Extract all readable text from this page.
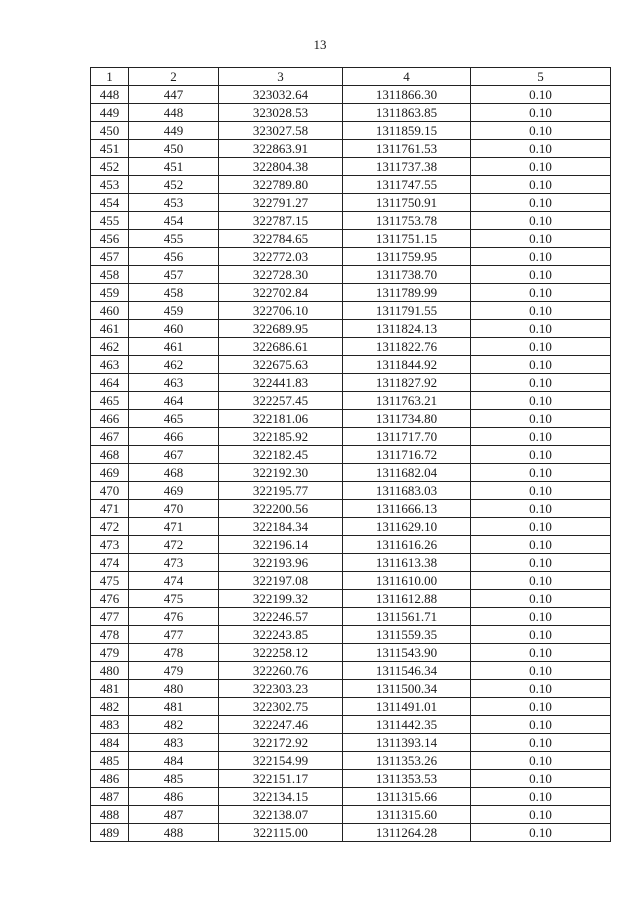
13
1	2	3	4	5
448	447	323032.64	1311866.30	0.10
449	448	323028.53	1311863.85	0.10
450	449	323027.58	1311859.15	0.10
451	450	322863.91	1311761.53	0.10
452	451	322804.38	1311737.38	0.10
453	452	322789.80	1311747.55	0.10
454	453	322791.27	1311750.91	0.10
455	454	322787.15	1311753.78	0.10
456	455	322784.65	1311751.15	0.10
457	456	322772.03	1311759.95	0.10
458	457	322728.30	1311738.70	0.10
459	458	322702.84	1311789.99	0.10
460	459	322706.10	1311791.55	0.10
461	460	322689.95	1311824.13	0.10
462	461	322686.61	1311822.76	0.10
463	462	322675.63	1311844.92	0.10
464	463	322441.83	1311827.92	0.10
465	464	322257.45	1311763.21	0.10
466	465	322181.06	1311734.80	0.10
467	466	322185.92	1311717.70	0.10
468	467	322182.45	1311716.72	0.10
469	468	322192.30	1311682.04	0.10
470	469	322195.77	1311683.03	0.10
471	470	322200.56	1311666.13	0.10
472	471	322184.34	1311629.10	0.10
473	472	322196.14	1311616.26	0.10
474	473	322193.96	1311613.38	0.10
475	474	322197.08	1311610.00	0.10
476	475	322199.32	1311612.88	0.10
477	476	322246.57	1311561.71	0.10
478	477	322243.85	1311559.35	0.10
479	478	322258.12	1311543.90	0.10
480	479	322260.76	1311546.34	0.10
481	480	322303.23	1311500.34	0.10
482	481	322302.75	1311491.01	0.10
483	482	322247.46	1311442.35	0.10
484	483	322172.92	1311393.14	0.10
485	484	322154.99	1311353.26	0.10
486	485	322151.17	1311353.53	0.10
487	486	322134.15	1311315.66	0.10
488	487	322138.07	1311315.60	0.10
489	488	322115.00	1311264.28	0.10
